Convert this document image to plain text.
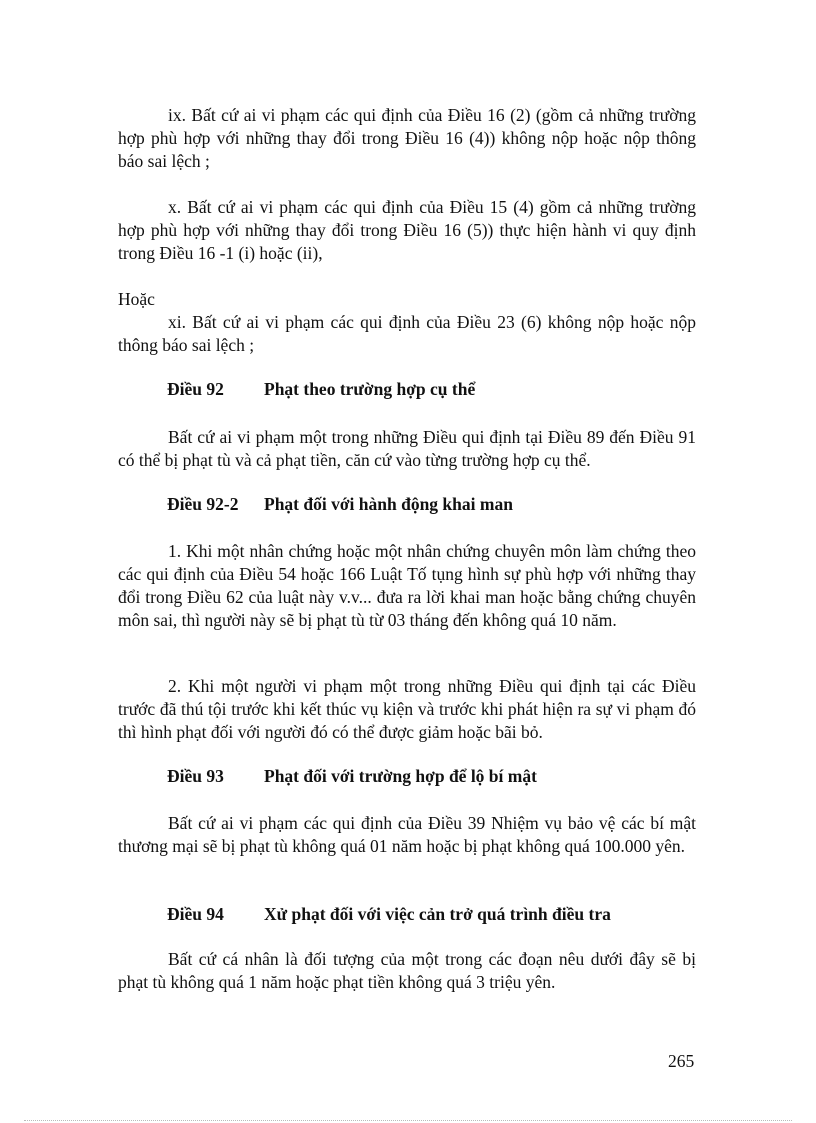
ix. Bất cứ ai vi phạm các qui định của Điều 16 (2) (gồm cả những trường hợp phù hợp với những thay đổi trong Điều 16 (4)) không nộp hoặc nộp thông báo sai lệch ;
x. Bất cứ ai vi phạm các qui định của Điều 15 (4) gồm cả những trường hợp phù hợp với những thay đổi trong Điều 16 (5)) thực hiện hành vi quy định trong Điều 16 -1 (i) hoặc (ii),
Hoặc
xi. Bất cứ ai vi phạm các qui định của Điều 23 (6) không nộp hoặc nộp thông báo sai lệch ;
Điều 92 Phạt theo trường hợp cụ thể
Bất cứ ai vi phạm một trong những Điều qui định tại Điều 89 đến Điều 91 có thể bị phạt tù và cả phạt tiền, căn cứ vào từng trường hợp cụ thể.
Điều 92-2 Phạt đối với hành động khai man
1. Khi một nhân chứng hoặc một nhân chứng chuyên môn làm chứng theo các qui định của Điều 54 hoặc 166 Luật Tố tụng hình sự phù hợp với những thay đổi trong Điều 62 của luật này v.v... đưa ra lời khai man hoặc bằng chứng chuyên môn sai, thì người này sẽ bị phạt tù từ 03 tháng đến không quá 10 năm.
2. Khi một người vi phạm một trong những Điều qui định tại các Điều trước đã thú tội trước khi kết thúc vụ kiện và trước khi phát hiện ra sự vi phạm đó thì hình phạt đối với người đó có thể được giảm hoặc bãi bỏ.
Điều 93 Phạt đối với trường hợp để lộ bí mật
Bất cứ ai vi phạm các qui định của Điều 39 Nhiệm vụ bảo vệ các bí mật thương mại sẽ bị phạt tù không quá 01 năm hoặc bị phạt không quá 100.000 yên.
Điều 94 Xử phạt đối với việc cản trở quá trình điều tra
Bất cứ cá nhân là đối tượng của một trong các đoạn nêu dưới đây sẽ bị phạt tù không quá 1 năm hoặc phạt tiền không quá 3 triệu yên.
265
